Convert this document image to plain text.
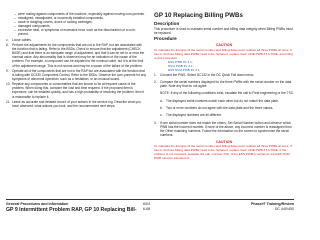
– were mating against components of the machine, especially against moving com-ponents.

– misaligned, misadjusted, or incorrectly installed components.

– loose or dangling covers, doors or locking cartridges.

– damaged components.

– excessive heat, or symptoms of excessive heat, such as the discoloration of a com-ponent.

c. Loose cables.

8. Perform the adjustments for the components that are not in the RAP, but are associated with the function that is failing. Refer to the BSDs. Check to ensure that the adjustment (CHECK BASE) and that there is an adequate range of adjustment, and that it can be set to or near the nominal value. Any abnormality that is observed may be an indication of the cause of the problem. For example, a component can be adjusted to the nominal value, but it is at the limit of the adjustment range. This is not normal and may be a cause of the failure of the problem.

9. Operate all of the components that are not in the RAP but are associated with the function that is failing with DC330 Component Control. Refer to the BSDs. Observe the com-ponents for any symptoms of abnormal operation, such as a hesitation, or an unusual sound.

10. Replace any components or consumables that are known to be at frequent cause of the problem. When doing this, consider the cost and time required. If the proposed item is expensive, can be installed quickly, and has a high probability of resolving the problem, then it is reasonable to replace it.

11. Leave as accurate and detailed record of your actions in the service log. Describe what you have observed, what actions you took, and the recommended next steps.

GP 10 Replacing Billing PWBs
Description

This procedure is used to maintain serial number and billing data integrity when Billing PWBs must be replaced.

Procedure
CAUTION

To maintain the integrity of the serial number and billing data never replace all three PWBs at once. If two or all three billing data PWBs need to be replaced, replace them ONE PWB AT A TIME, according to this procedure.

ESS PWB PL 3.1;

MCU PWB PL 3.1;

ESS NVM PWB PL 3.1;

1. Connect the PWS. Select DC132 in the DC Quick Fall down menu.

2. Compare the serial numbers displayed for the three PWBs with the serial number on the data plate. Note any that do not agree.

NOTE: If any of the following conditions exist, escalate the call to Field engineering or the TSC:

a. The displayed serial numbers match each other but do not match the data plate.

b. Two or more numbers do not agree with the data plate and the three values.

c. The displayed numbers are all different.

3. If one serial number does not match the others, Set Serial Number button and observe which PWB has the incorrect number. If none of the above, any incorrect number is reassigned from the Other matching numbers. Follow the information on the screen to synchronize the serial numbers.

CAUTION

To maintain the integrity of the serial number and billing data never replace all three PWBs at once. If two or all three billing data PWBs need to be replaced, replace them ONE PWB AT A TIME. If the problem is not resolved, escalate the call. Contact TSC. If the ESS PWB is replaced, the ESS NVM PWB must be transferred.

General Procedures and Information
GP 9 Intermittent Problem RAP, GP 10 Replacing Bill-
6/04
6-68
Phaser® Training/Review
DC 440/450
